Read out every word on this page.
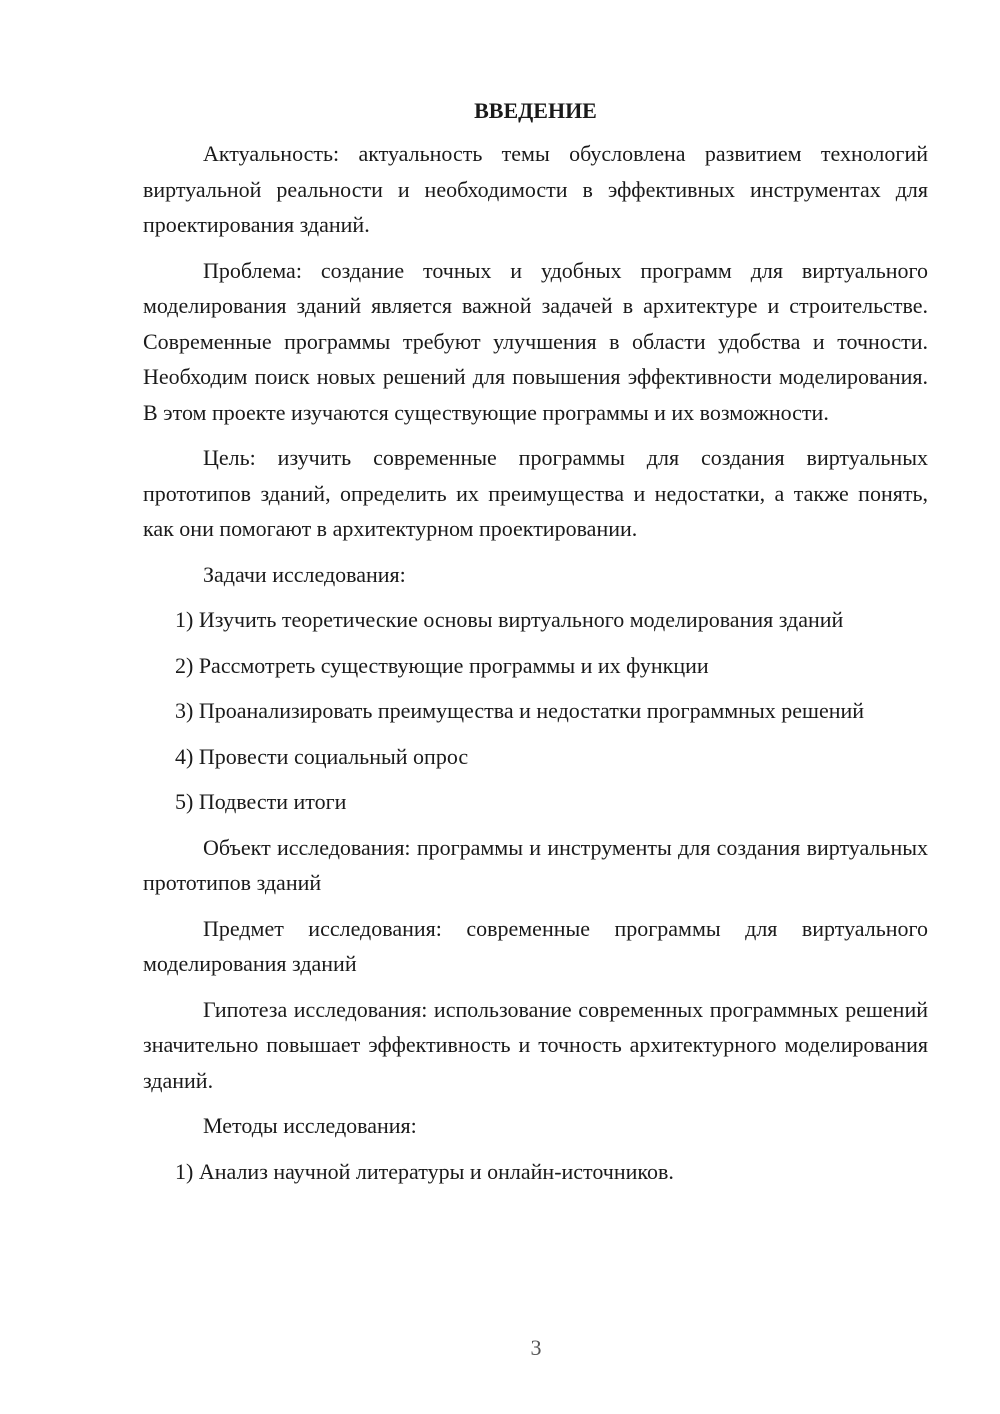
ВВЕДЕНИЕ

Актуальность: актуальность темы обусловлена развитием технологий виртуальной реальности и необходимости в эффективных инструментах для проектирования зданий.

Проблема: создание точных и удобных программ для виртуального моделирования зданий является важной задачей в архитектуре и строительстве. Современные программы требуют улучшения в области удобства и точности. Необходим поиск новых решений для повышения эффективности моделирования. В этом проекте изучаются существующие программы и их возможности.

Цель: изучить современные программы для создания виртуальных прототипов зданий, определить их преимущества и недостатки, а также понять, как они помогают в архитектурном проектировании.

Задачи исследования:

1) Изучить теоретические основы виртуального моделирования зданий

2) Рассмотреть существующие программы и их функции

3) Проанализировать преимущества и недостатки программных решений

4) Провести социальный опрос

5) Подвести итоги

Объект исследования: программы и инструменты для создания виртуальных прототипов зданий

Предмет исследования: современные программы для виртуального моделирования зданий

Гипотеза исследования: использование современных программных решений значительно повышает эффективность и точность архитектурного моделирования зданий.

Методы исследования:

1) Анализ научной литературы и онлайн-источников.

3
